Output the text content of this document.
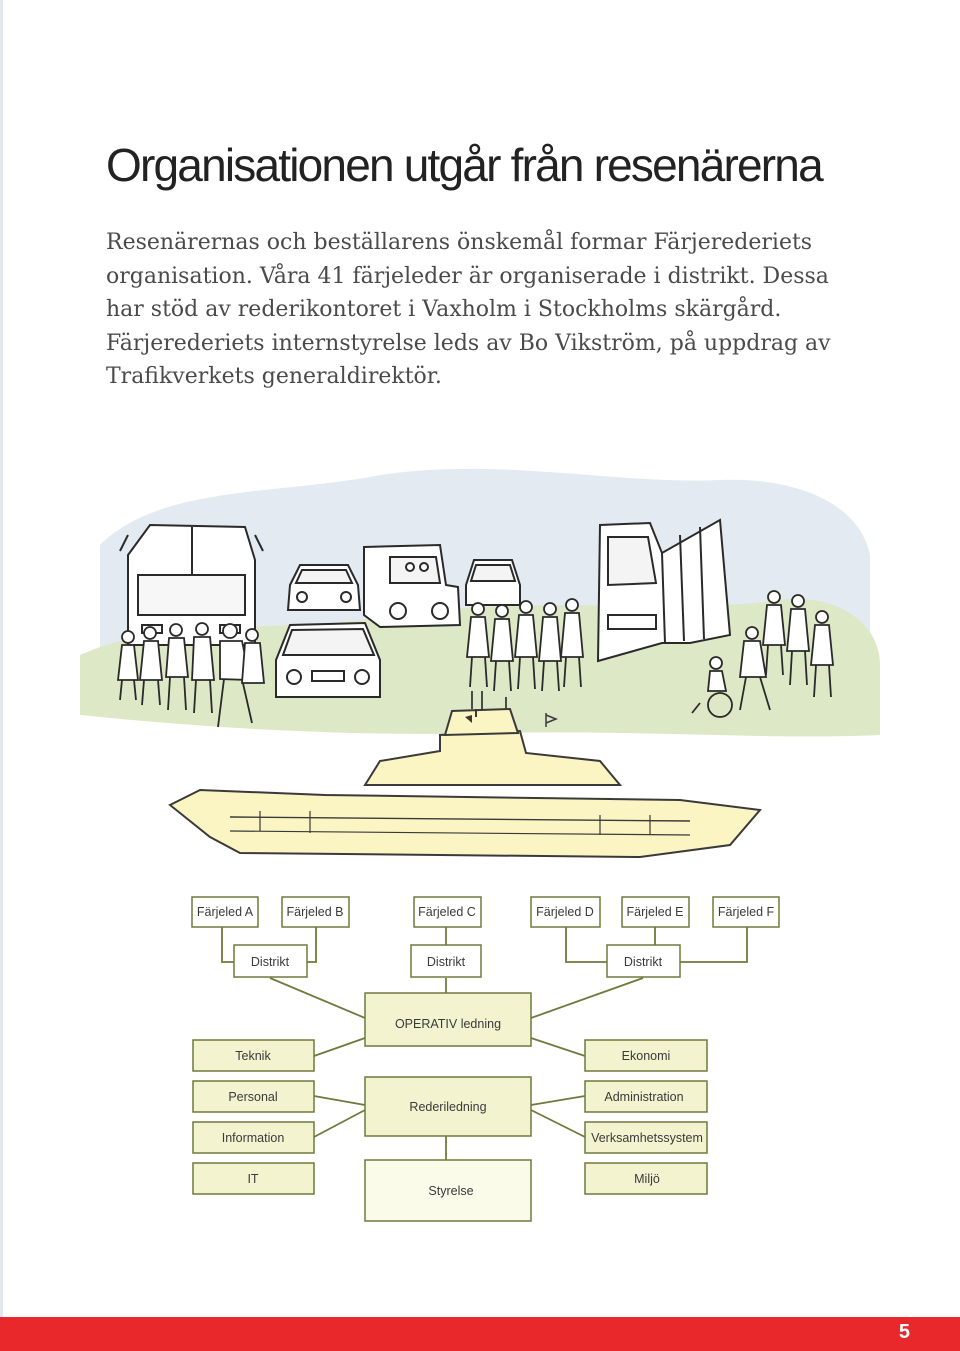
Organisationen utgår från resenärerna

Resenärernas och beställarens önskemål formar Färjerederiets
organisation. Våra 41 färjeleder är organiserade i distrikt. Dessa
har stöd av rederikontoret i Vaxholm i Stockholms skärgård.
Färjerederiets internstyrelse leds av Bo Vikström, på uppdrag av
Trafikverkets generaldirektör.

Färjeled A	Färjeled B	Färjeled C	Färjeled D	Färjeled E	Färjeled F
Distrikt	Distrikt	Distrikt
OPERATIV ledning
Teknik
Personal
Information
IT
Rederiledning
Styrelse
Ekonomi
Administration
Verksamhetssystem
Miljö
5
